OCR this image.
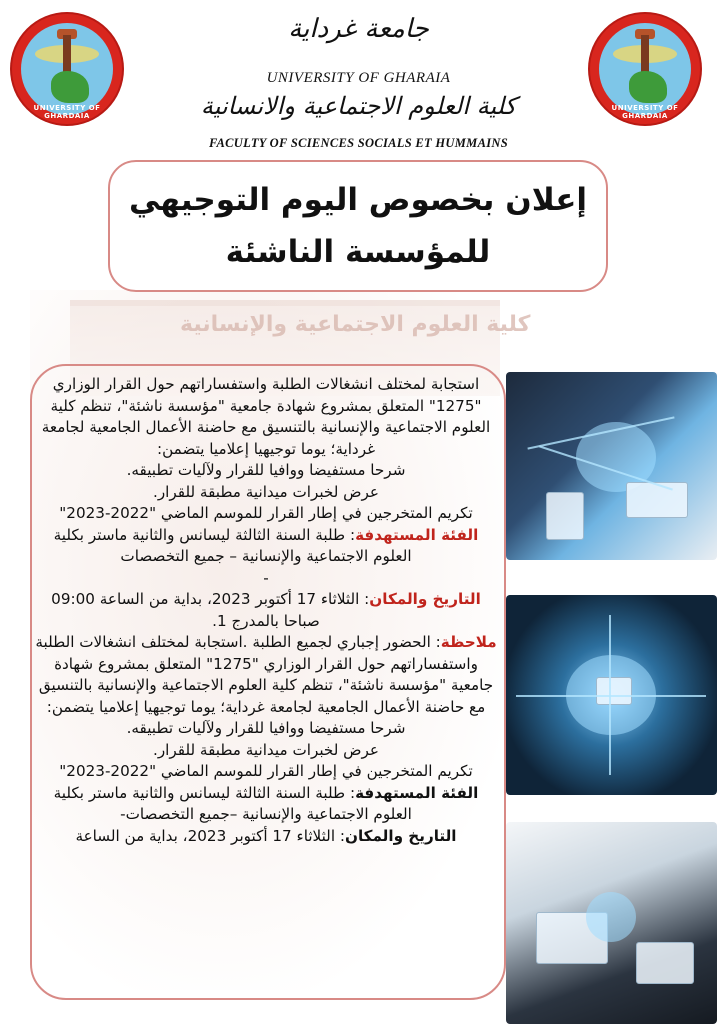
كلية العلوم الاجتماعية والإنسانية
UNIVERSITY OF GHARDAIA
UNIVERSITY OF GHARDAIA
جامعة غرداية
UNIVERSITY OF GHARAIA
كلية العلوم الاجتماعية والانسانية
FACULTY OF SCIENCES SOCIALS ET HUMMAINS
إعلان بخصوص اليوم التوجيهي
للمؤسسة الناشئة

استجابة لمختلف انشغالات الطلبة واستفساراتهم حول القرار الوزاري "1275" المتعلق بمشروع شهادة جامعية "مؤسسة ناشئة"، تنظم كلية العلوم الاجتماعية والإنسانية بالتنسيق مع حاضنة الأعمال الجامعية لجامعة غرداية؛ يوما توجيهيا إعلاميا يتضمن:

شرحا مستفيضا ووافيا للقرار ولآليات تطبيقه.

عرض لخبرات ميدانية مطبقة للقرار.

تكريم المتخرجين في إطار القرار للموسم الماضي "2022-2023"

الفئة المستهدفة: طلبة السنة الثالثة ليسانس والثانية ماستر بكلية العلوم الاجتماعية والإنسانية – جميع التخصصات

-

التاريخ والمكان: الثلاثاء 17 أكتوبر 2023، بداية من الساعة 09:00 صباحا بالمدرج 1.

ملاحظة: الحضور إجباري لجميع الطلبة .استجابة لمختلف انشغالات الطلبة واستفساراتهم حول القرار الوزاري "1275" المتعلق بمشروع شهادة جامعية "مؤسسة ناشئة"، تنظم كلية العلوم الاجتماعية والإنسانية بالتنسيق مع حاضنة الأعمال الجامعية لجامعة غرداية؛ يوما توجيهيا إعلاميا يتضمن:

شرحا مستفيضا ووافيا للقرار ولآليات تطبيقه.

عرض لخبرات ميدانية مطبقة للقرار.

تكريم المتخرجين في إطار القرار للموسم الماضي "2022-2023"

الفئة المستهدفة: طلبة السنة الثالثة ليسانس والثانية ماستر بكلية العلوم الاجتماعية والإنسانية –جميع التخصصات-

التاريخ والمكان: الثلاثاء 17 أكتوبر 2023، بداية من الساعة
